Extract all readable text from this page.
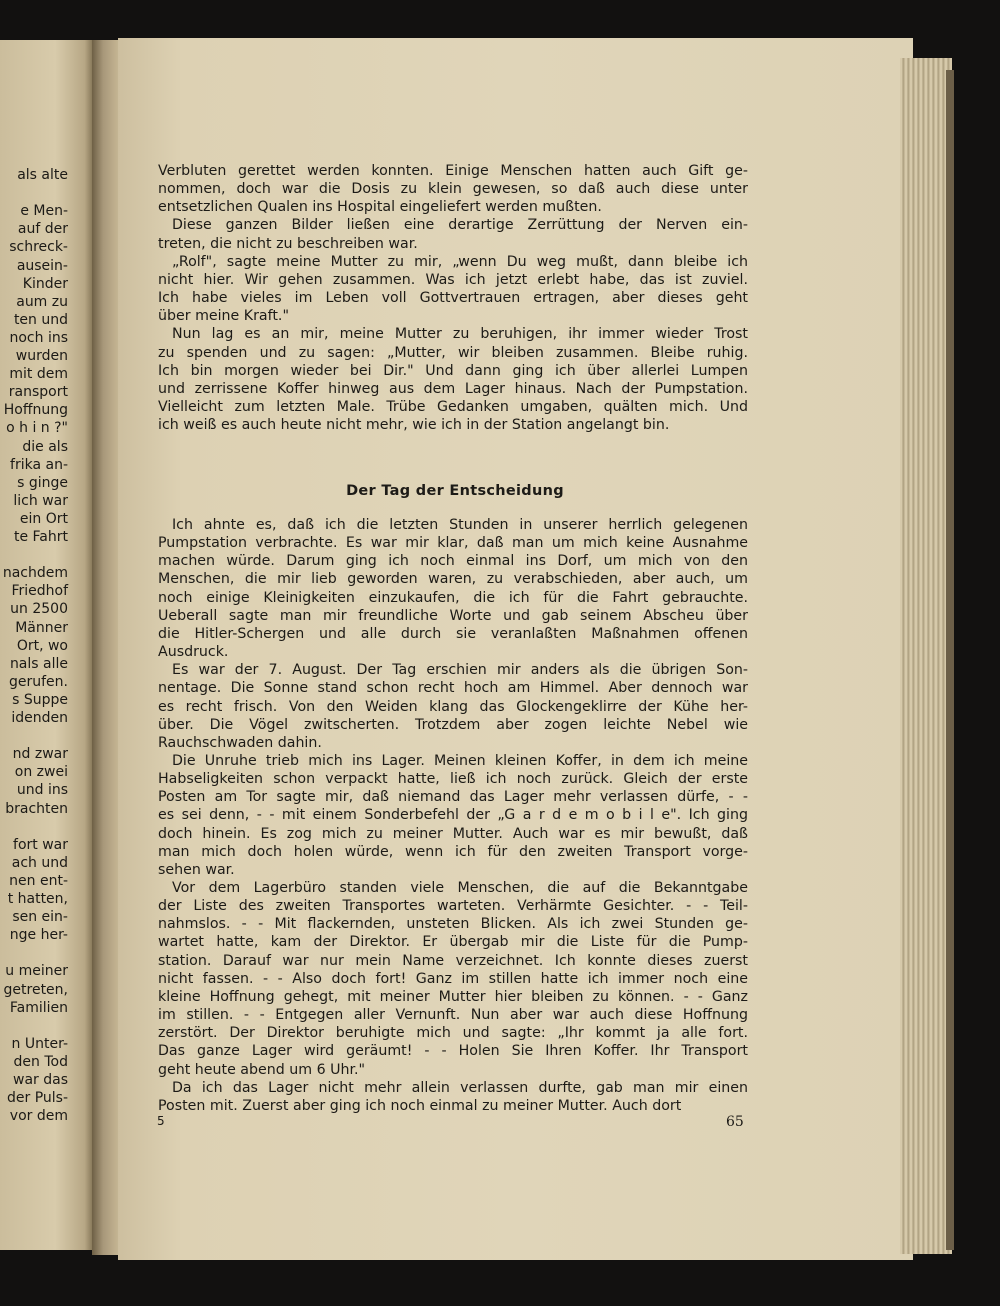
als alte
e Men-
auf der
schreck-
ausein-
Kinder
aum zu
ten und
noch ins
wurden
mit dem
ransport
Hoffnung
o h i n ?"
die als
frika an-
s ginge
lich war
ein Ort
te Fahrt
nachdem
Friedhof
un 2500
Männer
Ort, wo
nals alle
gerufen.
s Suppe
idenden
nd zwar
on zwei
und ins
brachten
fort war
ach und
nen ent-
t hatten,
sen ein-
nge her-
u meiner
getreten,
Familien
n Unter-
den Tod
war das
der Puls-
vor dem
Verbluten gerettet werden konnten. Einige Menschen hatten auch Gift ge-
nommen, doch war die Dosis zu klein gewesen, so daß auch diese unter
entsetzlichen Qualen ins Hospital eingeliefert werden mußten.
Diese ganzen Bilder ließen eine derartige Zerrüttung der Nerven ein-
treten, die nicht zu beschreiben war.
„Rolf", sagte meine Mutter zu mir, „wenn Du weg mußt, dann bleibe ich
nicht hier. Wir gehen zusammen. Was ich jetzt erlebt habe, das ist zuviel.
Ich habe vieles im Leben voll Gottvertrauen ertragen, aber dieses geht
über meine Kraft."
Nun lag es an mir, meine Mutter zu beruhigen, ihr immer wieder Trost
zu spenden und zu sagen: „Mutter, wir bleiben zusammen. Bleibe ruhig.
Ich bin morgen wieder bei Dir." Und dann ging ich über allerlei Lumpen
und zerrissene Koffer hinweg aus dem Lager hinaus. Nach der Pumpstation.
Vielleicht zum letzten Male. Trübe Gedanken umgaben, quälten mich. Und
ich weiß es auch heute nicht mehr, wie ich in der Station angelangt bin.
Der Tag der Entscheidung
Ich ahnte es, daß ich die letzten Stunden in unserer herrlich gelegenen
Pumpstation verbrachte. Es war mir klar, daß man um mich keine Ausnahme
machen würde. Darum ging ich noch einmal ins Dorf, um mich von den
Menschen, die mir lieb geworden waren, zu verabschieden, aber auch, um
noch einige Kleinigkeiten einzukaufen, die ich für die Fahrt gebrauchte.
Ueberall sagte man mir freundliche Worte und gab seinem Abscheu über
die Hitler-Schergen und alle durch sie veranlaßten Maßnahmen offenen
Ausdruck.
Es war der 7. August. Der Tag erschien mir anders als die übrigen Son-
nentage. Die Sonne stand schon recht hoch am Himmel. Aber dennoch war
es recht frisch. Von den Weiden klang das Glockengeklirre der Kühe her-
über. Die Vögel zwitscherten. Trotzdem aber zogen leichte Nebel wie
Rauchschwaden dahin.
Die Unruhe trieb mich ins Lager. Meinen kleinen Koffer, in dem ich meine
Habseligkeiten schon verpackt hatte, ließ ich noch zurück. Gleich der erste
Posten am Tor sagte mir, daß niemand das Lager mehr verlassen dürfe, - -
es sei denn, - - mit einem Sonderbefehl der „G a r d e m o b i l e". Ich ging
doch hinein. Es zog mich zu meiner Mutter. Auch war es mir bewußt, daß
man mich doch holen würde, wenn ich für den zweiten Transport vorge-
sehen war.
Vor dem Lagerbüro standen viele Menschen, die auf die Bekanntgabe
der Liste des zweiten Transportes warteten. Verhärmte Gesichter. - - Teil-
nahmslos. - - Mit flackernden, unsteten Blicken. Als ich zwei Stunden ge-
wartet hatte, kam der Direktor. Er übergab mir die Liste für die Pump-
station. Darauf war nur mein Name verzeichnet. Ich konnte dieses zuerst
nicht fassen. - - Also doch fort! Ganz im stillen hatte ich immer noch eine
kleine Hoffnung gehegt, mit meiner Mutter hier bleiben zu können. - - Ganz
im stillen. - - Entgegen aller Vernunft. Nun aber war auch diese Hoffnung
zerstört. Der Direktor beruhigte mich und sagte: „Ihr kommt ja alle fort.
Das ganze Lager wird geräumt! - - Holen Sie Ihren Koffer. Ihr Transport
geht heute abend um 6 Uhr."
Da ich das Lager nicht mehr allein verlassen durfte, gab man mir einen
Posten mit. Zuerst aber ging ich noch einmal zu meiner Mutter. Auch dort
5	65
